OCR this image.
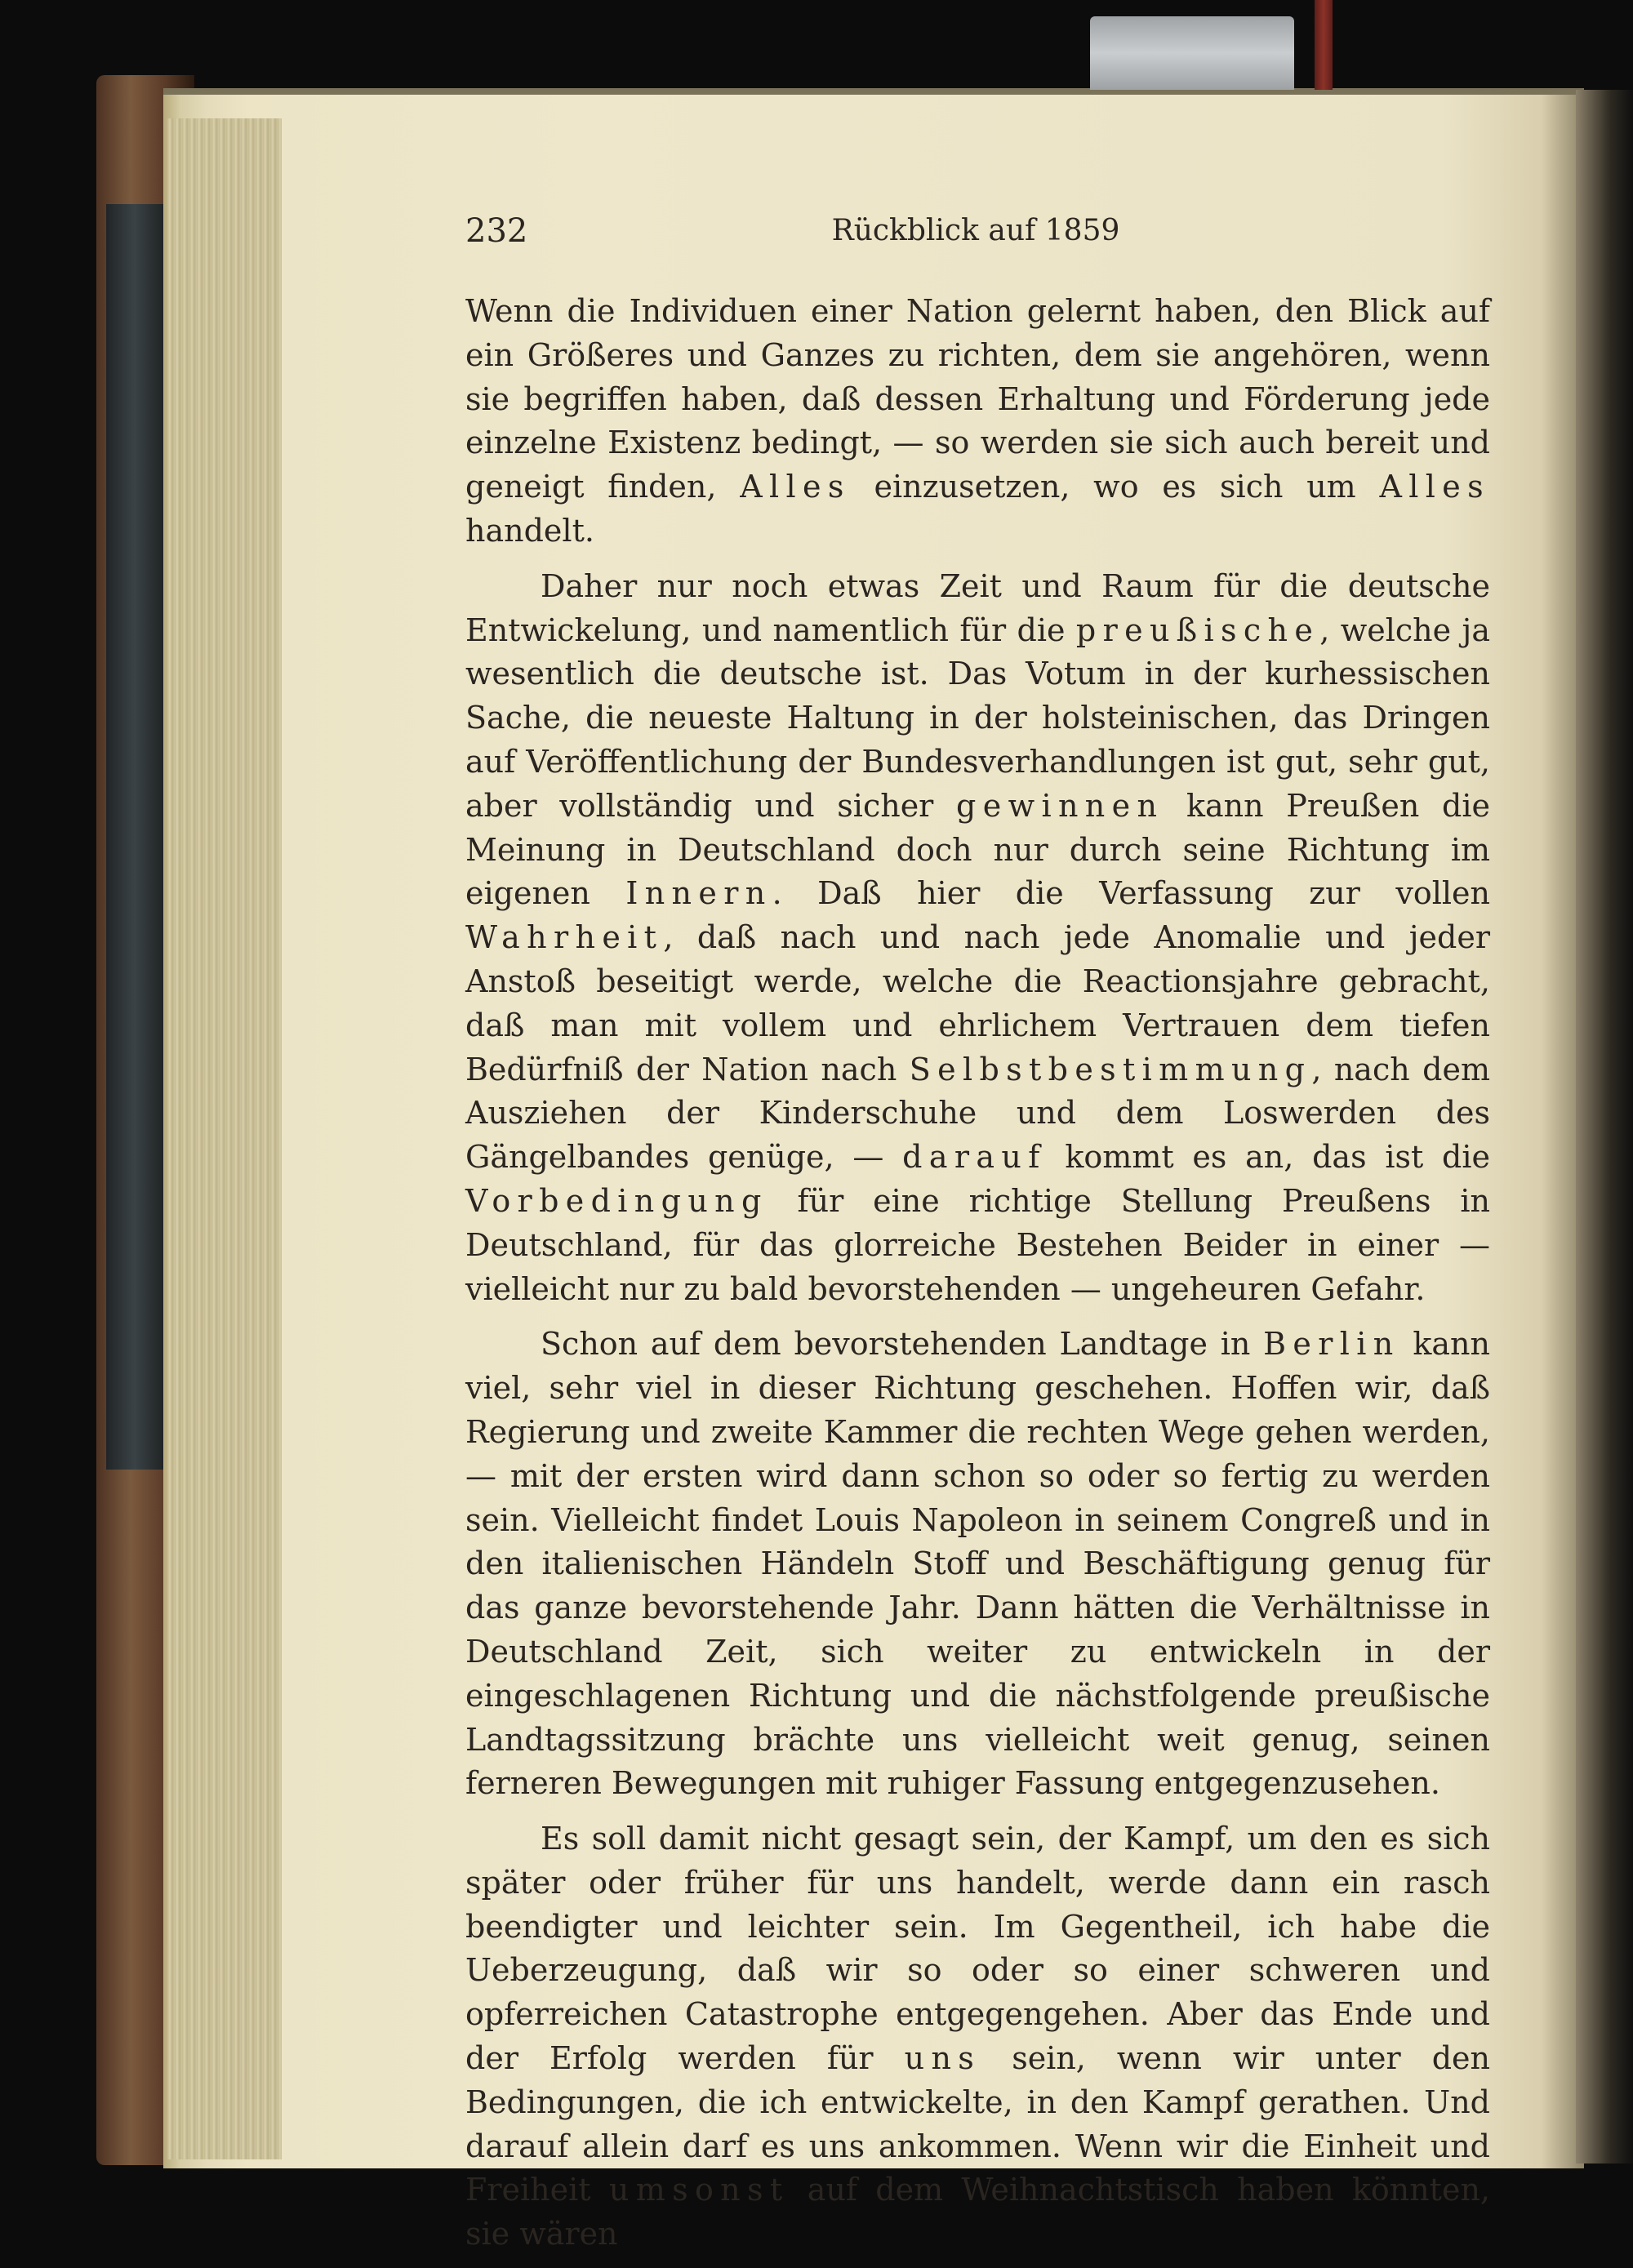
232	Rückblick auf 1859

Wenn die Individuen einer Nation gelernt haben, den Blick auf ein Größeres und Ganzes zu richten, dem sie angehören, wenn sie begriffen haben, daß dessen Erhaltung und Förderung jede einzelne Existenz bedingt, — so werden sie sich auch bereit und geneigt finden, Alles einzusetzen, wo es sich um Alles handelt.

Daher nur noch etwas Zeit und Raum für die deutsche Entwickelung, und namentlich für die preußische, welche ja wesentlich die deutsche ist. Das Votum in der kurhessischen Sache, die neueste Haltung in der holsteinischen, das Dringen auf Veröffentlichung der Bundesverhandlungen ist gut, sehr gut, aber vollständig und sicher gewinnen kann Preußen die Meinung in Deutschland doch nur durch seine Richtung im eigenen Innern. Daß hier die Verfassung zur vollen Wahrheit, daß nach und nach jede Anomalie und jeder Anstoß beseitigt werde, welche die Reactionsjahre gebracht, daß man mit vollem und ehrlichem Vertrauen dem tiefen Bedürfniß der Nation nach Selbstbestimmung, nach dem Ausziehen der Kinderschuhe und dem Loswerden des Gängelbandes genüge, — darauf kommt es an, das ist die Vorbedingung für eine richtige Stellung Preußens in Deutschland, für das glorreiche Bestehen Beider in einer — vielleicht nur zu bald bevorstehenden — ungeheuren Gefahr.

Schon auf dem bevorstehenden Landtage in Berlin kann viel, sehr viel in dieser Richtung geschehen. Hoffen wir, daß Regierung und zweite Kammer die rechten Wege gehen werden, — mit der ersten wird dann schon so oder so fertig zu werden sein. Vielleicht findet Louis Napoleon in seinem Congreß und in den italienischen Händeln Stoff und Beschäftigung genug für das ganze bevorstehende Jahr. Dann hätten die Verhältnisse in Deutschland Zeit, sich weiter zu entwickeln in der eingeschlagenen Richtung und die nächstfolgende preußische Landtagssitzung brächte uns vielleicht weit genug, seinen ferneren Bewegungen mit ruhiger Fassung entgegenzusehen.

Es soll damit nicht gesagt sein, der Kampf, um den es sich später oder früher für uns handelt, werde dann ein rasch beendigter und leichter sein. Im Gegentheil, ich habe die Ueberzeugung, daß wir so oder so einer schweren und opferreichen Catastrophe entgegengehen. Aber das Ende und der Erfolg werden für uns sein, wenn wir unter den Bedingungen, die ich entwickelte, in den Kampf gerathen. Und darauf allein darf es uns ankommen. Wenn wir die Einheit und Freiheit umsonst auf dem Weihnachtstisch haben könnten, sie wären
